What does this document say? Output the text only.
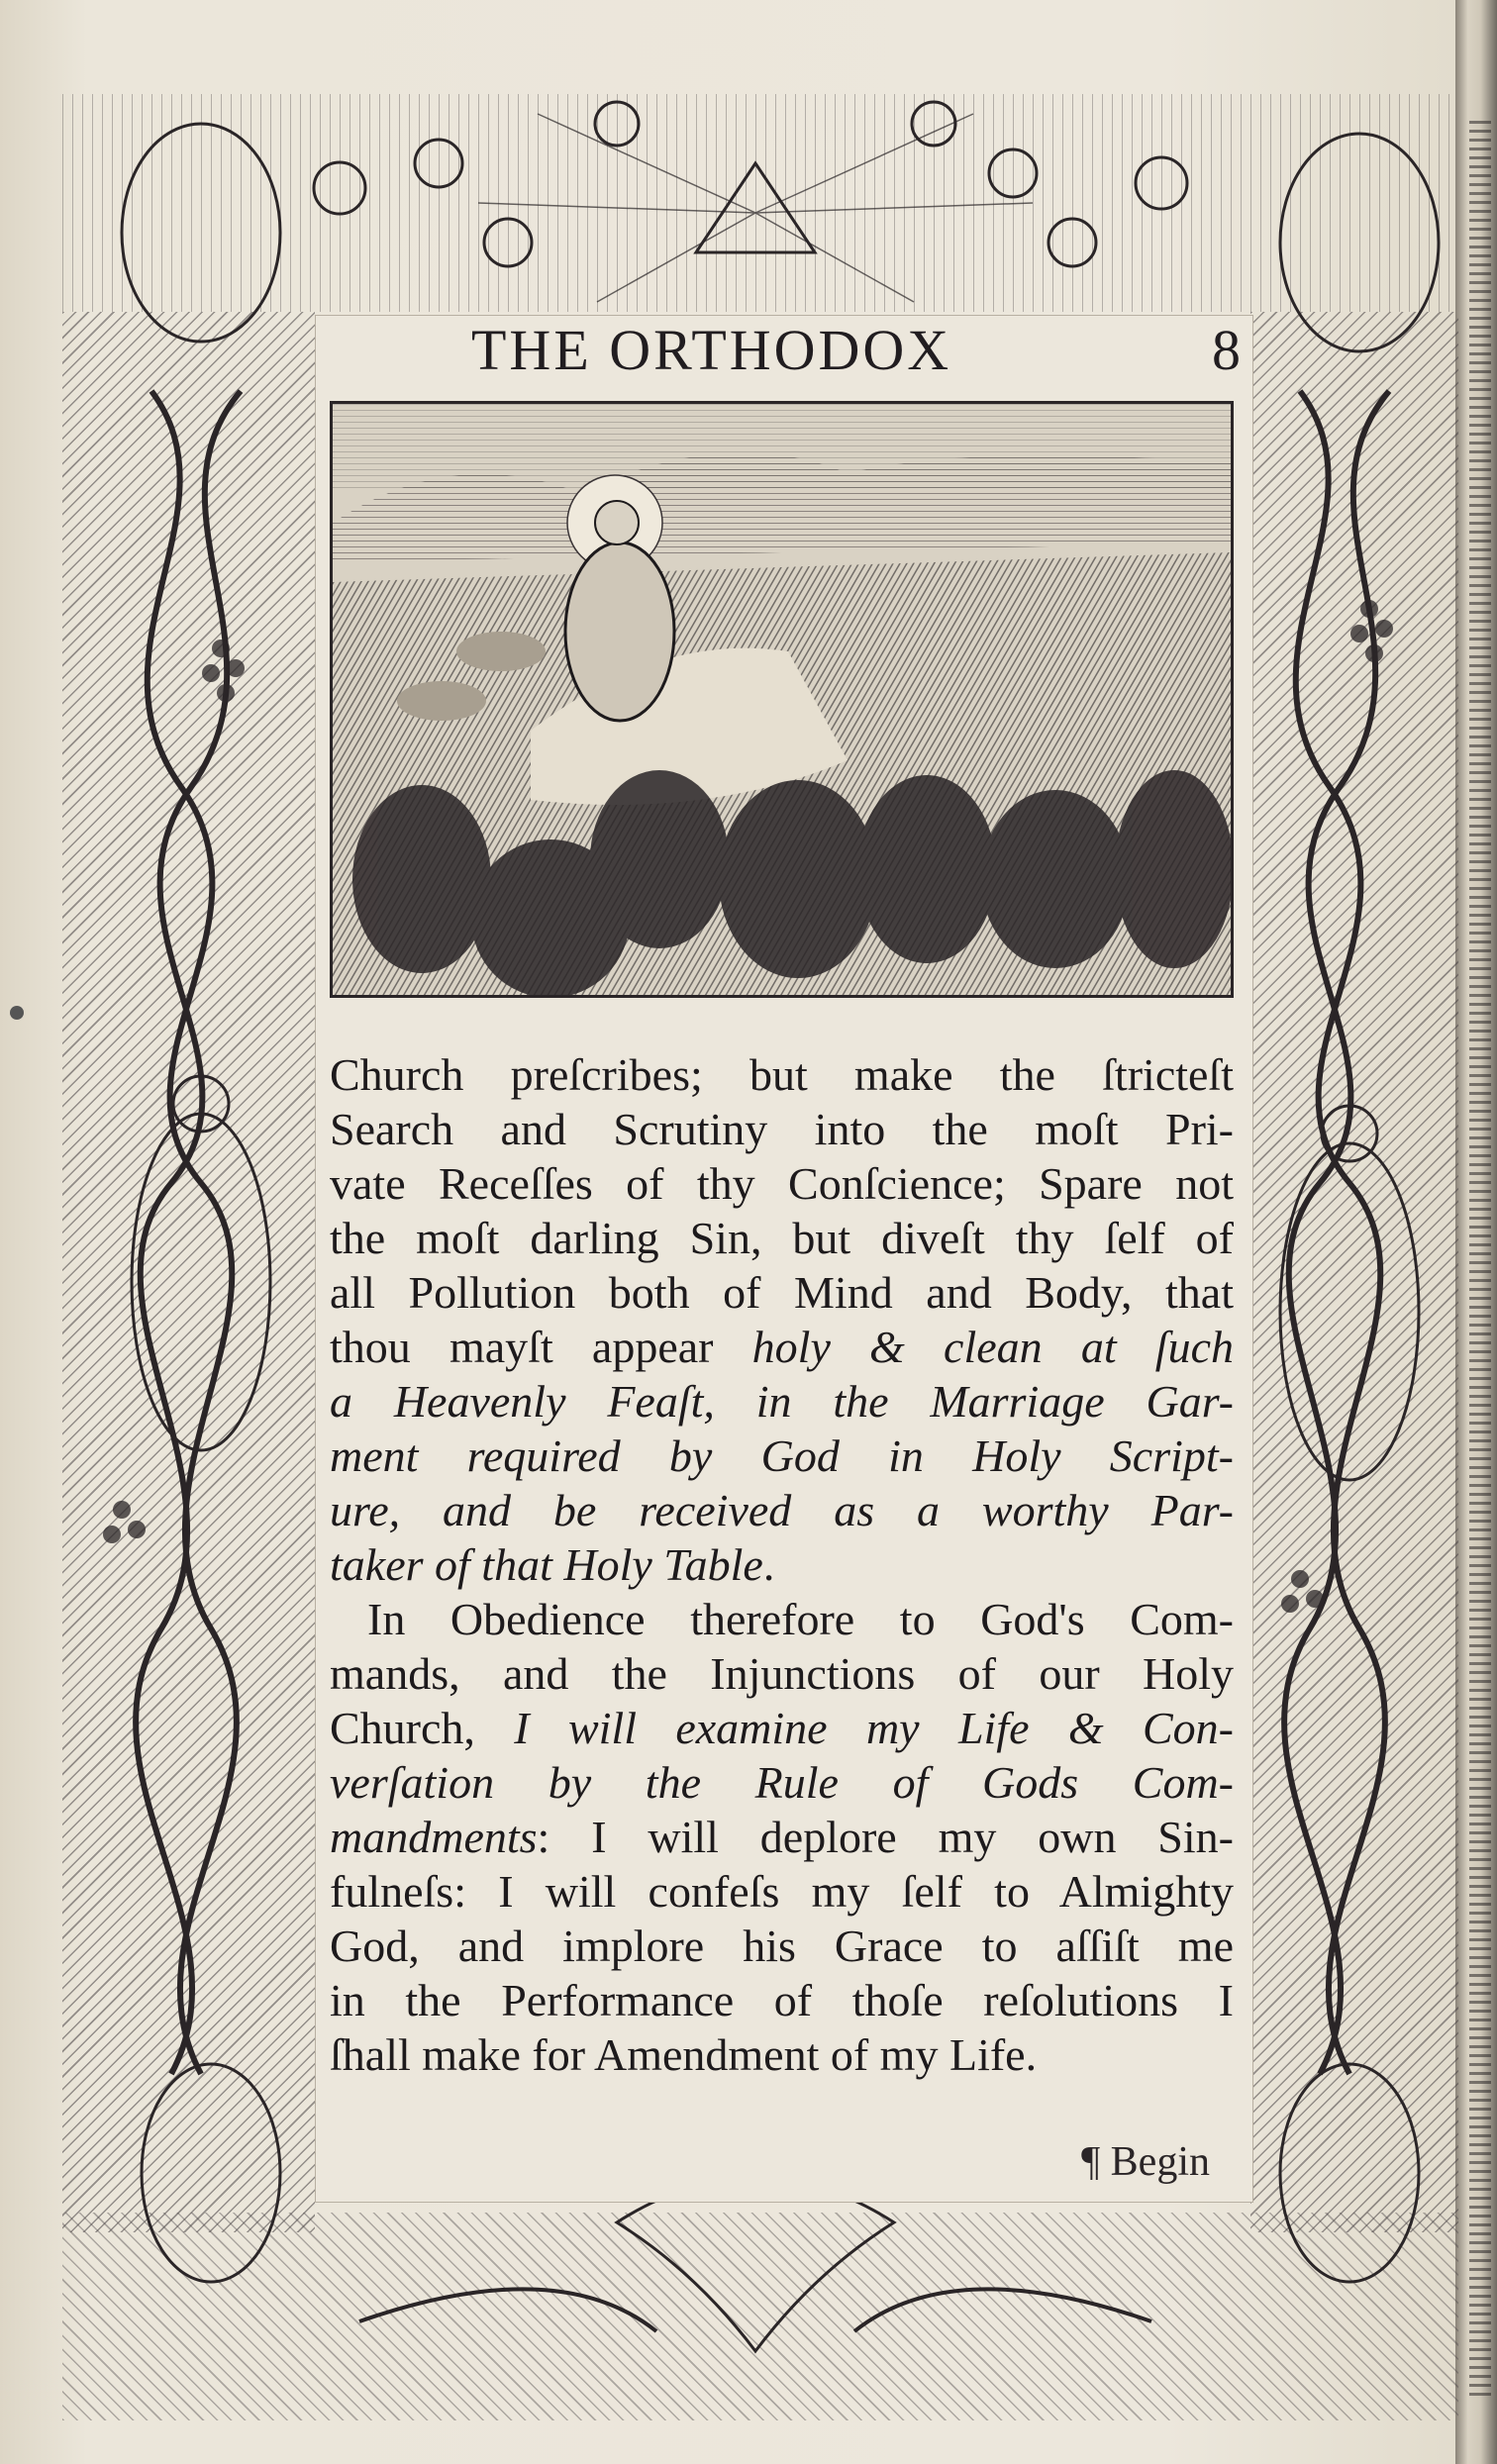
THE ORTHODOX	8
Church preſcribes; but make the ſtricteſt
Search and Scrutiny into the moſt Pri-
vate Receſſes of thy Conſcience; Spare not
the moſt darling Sin, but diveſt thy ſelf of
all Pollution both of Mind and Body, that
thou mayſt appear holy & clean at ſuch
a Heavenly Feaſt, in the Marriage Gar-
ment required by God in Holy Script-
ure, and be received as a worthy Par-
taker of that Holy Table.
In Obedience therefore to God's Com-
mands, and the Injunctions of our Holy
Church, I will examine my Life & Con-
verſation by the Rule of Gods Com-
mandments: I will deplore my own Sin-
fulneſs: I will confeſs my ſelf to Almighty
God, and implore his Grace to aſſiſt me
in the Performance of thoſe reſolutions I
ſhall make for Amendment of my Life.
¶ Begin
